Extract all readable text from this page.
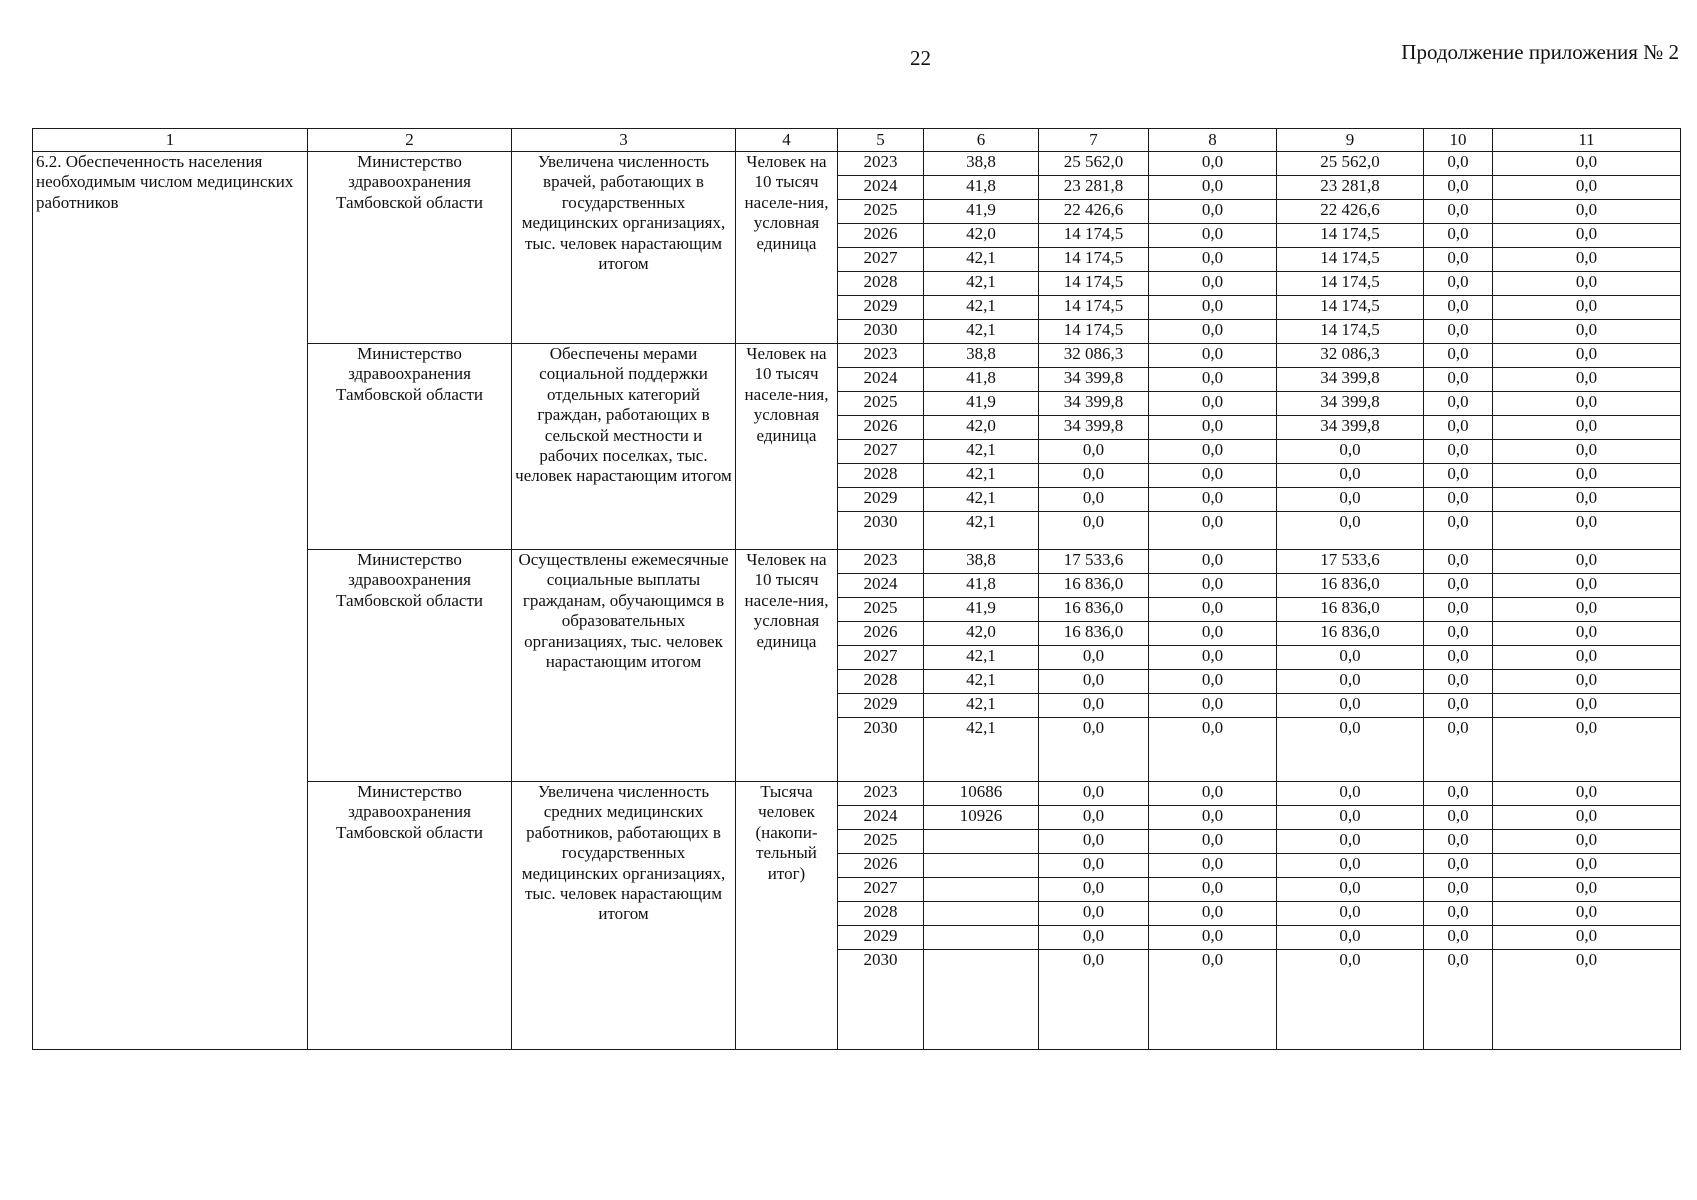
22	Продолжение приложения № 2
1	2	3	4	5	6	7	8	9	10	11
6.2. Обеспеченность населения необходимым числом медицинских работников	Министерство здравоохранения Тамбовской области	Увеличена численность врачей, работающих в государственных медицинских организациях, тыс. человек нарастающим итогом	Человек на 10 тысяч населе-ния, условная единица	2023	38,8	25 562,0	0,0	25 562,0	0,0	0,0
				2024	41,8	23 281,8	0,0	23 281,8	0,0	0,0
				2025	41,9	22 426,6	0,0	22 426,6	0,0	0,0
				2026	42,0	14 174,5	0,0	14 174,5	0,0	0,0
				2027	42,1	14 174,5	0,0	14 174,5	0,0	0,0
				2028	42,1	14 174,5	0,0	14 174,5	0,0	0,0
				2029	42,1	14 174,5	0,0	14 174,5	0,0	0,0
				2030	42,1	14 174,5	0,0	14 174,5	0,0	0,0
	Министерство здравоохранения Тамбовской области	Обеспечены мерами социальной поддержки отдельных категорий граждан, работающих в сельской местности и рабочих поселках, тыс. человек нарастающим итогом	Человек на 10 тысяч населе-ния, условная единица	2023	38,8	32 086,3	0,0	32 086,3	0,0	0,0
				2024	41,8	34 399,8	0,0	34 399,8	0,0	0,0
				2025	41,9	34 399,8	0,0	34 399,8	0,0	0,0
				2026	42,0	34 399,8	0,0	34 399,8	0,0	0,0
				2027	42,1	0,0	0,0	0,0	0,0	0,0
				2028	42,1	0,0	0,0	0,0	0,0	0,0
				2029	42,1	0,0	0,0	0,0	0,0	0,0
				2030	42,1	0,0	0,0	0,0	0,0	0,0
	Министерство здравоохранения Тамбовской области	Осуществлены ежемесячные социальные выплаты гражданам, обучающимся в образовательных организациях, тыс. человек нарастающим итогом	Человек на 10 тысяч населе-ния, условная единица	2023	38,8	17 533,6	0,0	17 533,6	0,0	0,0
				2024	41,8	16 836,0	0,0	16 836,0	0,0	0,0
				2025	41,9	16 836,0	0,0	16 836,0	0,0	0,0
				2026	42,0	16 836,0	0,0	16 836,0	0,0	0,0
				2027	42,1	0,0	0,0	0,0	0,0	0,0
				2028	42,1	0,0	0,0	0,0	0,0	0,0
				2029	42,1	0,0	0,0	0,0	0,0	0,0
				2030	42,1	0,0	0,0	0,0	0,0	0,0
	Министерство здравоохранения Тамбовской области	Увеличена численность средних медицинских работников, работающих в государственных медицинских организациях, тыс. человек нарастающим итогом	Тысяча человек (накопи-тельный итог)	2023	10686	0,0	0,0	0,0	0,0	0,0
				2024	10926	0,0	0,0	0,0	0,0	0,0
				2025		0,0	0,0	0,0	0,0	0,0
				2026		0,0	0,0	0,0	0,0	0,0
				2027		0,0	0,0	0,0	0,0	0,0
				2028		0,0	0,0	0,0	0,0	0,0
				2029		0,0	0,0	0,0	0,0	0,0
				2030		0,0	0,0	0,0	0,0	0,0
